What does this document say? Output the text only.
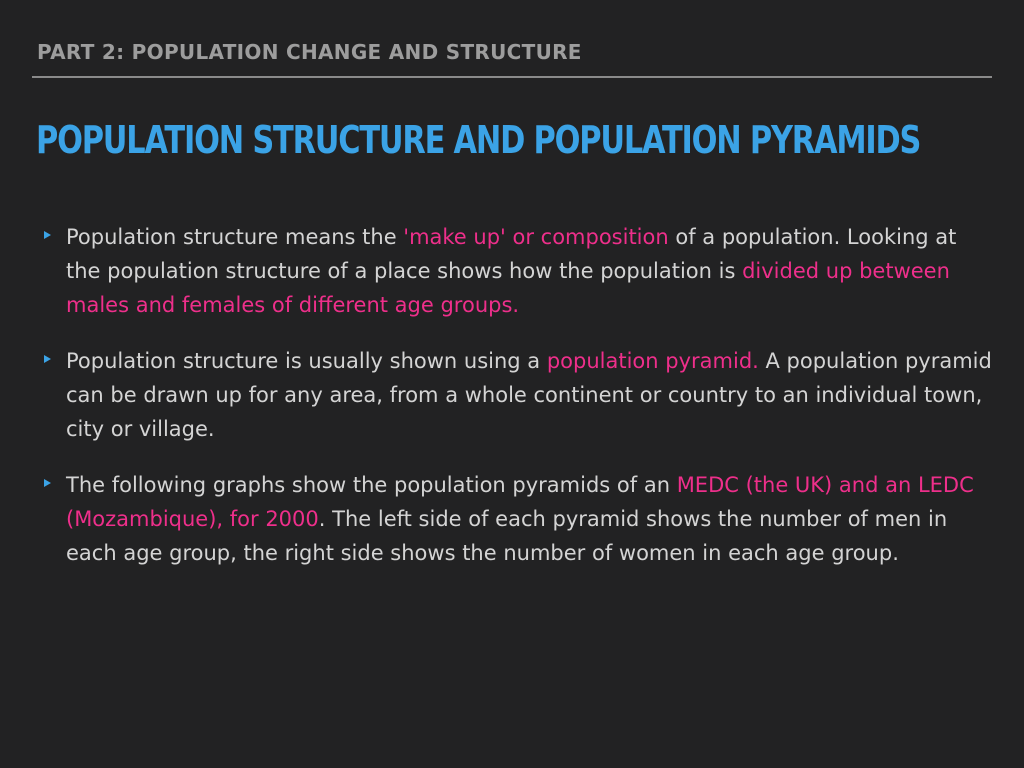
PART 2: POPULATION CHANGE AND STRUCTURE
POPULATION STRUCTURE AND POPULATION PYRAMIDS
Population structure means the 'make up' or composition of a population. Looking at the population structure of a place shows how the population is divided up between males and females of different age groups.
Population structure is usually shown using a population pyramid. A population pyramid can be drawn up for any area, from a whole continent or country to an individual town, city or village.
The following graphs show the population pyramids of an MEDC (the UK) and an LEDC (Mozambique), for 2000. The left side of each pyramid shows the number of men in each age group, the right side shows the number of women in each age group.
